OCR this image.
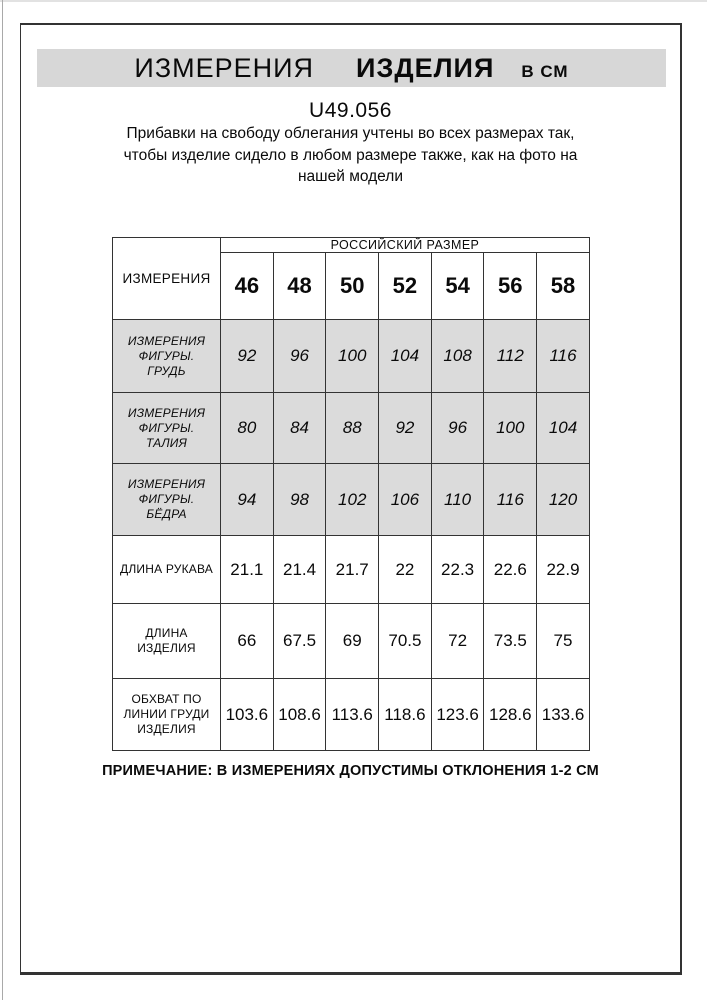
ИЗМЕРЕНИЯ ИЗДЕЛИЯ В СМ
U49.056
Прибавки на свободу облегания учтены во всех размерах так,
чтобы изделие сидело в любом размере также, как на фото на
нашей модели
ИЗМЕРЕНИЯ	РОССИЙСКИЙ РАЗМЕР						
	46	48	50	52	54	56	58
ИЗМЕРЕНИЯ ФИГУРЫ. ГРУДЬ	92	96	100	104	108	112	116
ИЗМЕРЕНИЯ ФИГУРЫ. ТАЛИЯ	80	84	88	92	96	100	104
ИЗМЕРЕНИЯ ФИГУРЫ. БЁДРА	94	98	102	106	110	116	120
ДЛИНА РУКАВА	21.1	21.4	21.7	22	22.3	22.6	22.9
ДЛИНА ИЗДЕЛИЯ	66	67.5	69	70.5	72	73.5	75
ОБХВАТ ПО ЛИНИИ ГРУДИ ИЗДЕЛИЯ	103.6	108.6	113.6	118.6	123.6	128.6	133.6
ПРИМЕЧАНИЕ: В ИЗМЕРЕНИЯХ ДОПУСТИМЫ ОТКЛОНЕНИЯ 1-2 СМ
